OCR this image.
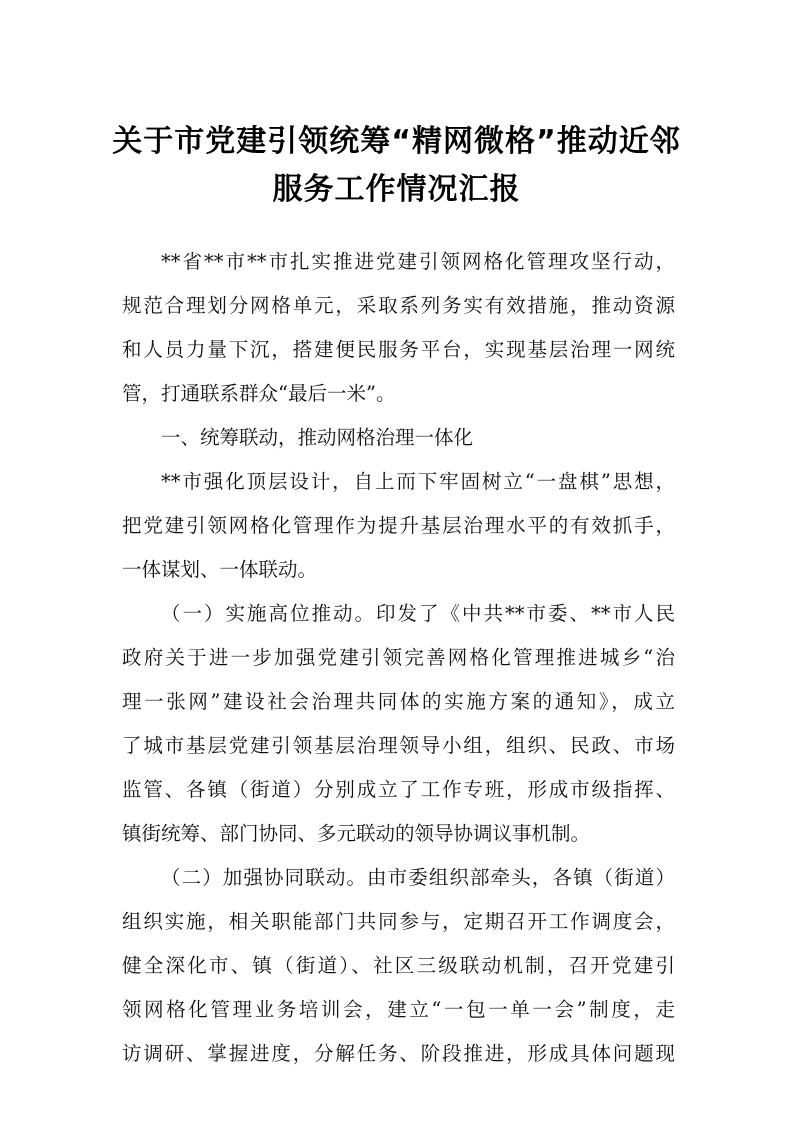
关于市党建引领统筹“精网微格”推动近邻
服务工作情况汇报
**省**市**市扎实推进党建引领网格化管理攻坚行动，
规范合理划分网格单元，采取系列务实有效措施，推动资源
和人员力量下沉，搭建便民服务平台，实现基层治理一网统
管，打通联系群众“最后一米”。
一、统筹联动，推动网格治理一体化
**市强化顶层设计，自上而下牢固树立“一盘棋”思想，
把党建引领网格化管理作为提升基层治理水平的有效抓手，
一体谋划、一体联动。
（一）实施高位推动。印发了《中共**市委、**市人民
政府关于进一步加强党建引领完善网格化管理推进城乡“治
理一张网”建设社会治理共同体的实施方案的通知》，成立
了城市基层党建引领基层治理领导小组，组织、民政、市场
监管、各镇（街道）分别成立了工作专班，形成市级指挥、
镇街统筹、部门协同、多元联动的领导协调议事机制。
（二）加强协同联动。由市委组织部牵头，各镇（街道）
组织实施，相关职能部门共同参与，定期召开工作调度会，
健全深化市、镇（街道）、社区三级联动机制，召开党建引
领网格化管理业务培训会，建立“一包一单一会”制度，走
访调研、掌握进度，分解任务、阶段推进，形成具体问题现
